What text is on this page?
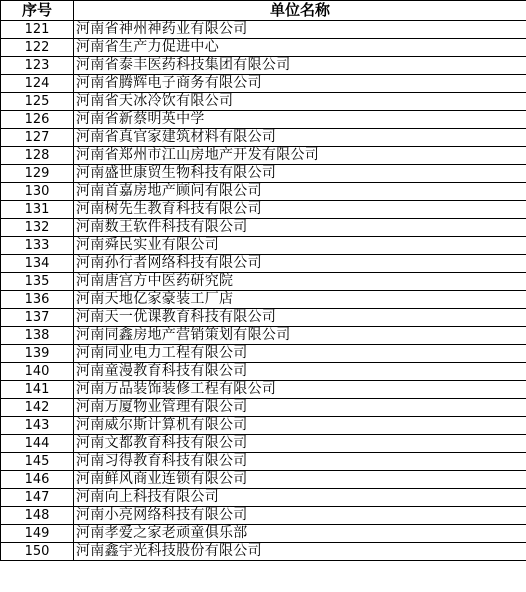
序号	单位名称
121	河南省神州神药业有限公司
122	河南省生产力促进中心
123	河南省泰丰医药科技集团有限公司
124	河南省腾辉电子商务有限公司
125	河南省天冰冷饮有限公司
126	河南省新蔡明英中学
127	河南省真官家建筑材料有限公司
128	河南省郑州市江山房地产开发有限公司
129	河南盛世康贸生物科技有限公司
130	河南首嘉房地产顾问有限公司
131	河南树先生教育科技有限公司
132	河南数王软件科技有限公司
133	河南舜民实业有限公司
134	河南孙行者网络科技有限公司
135	河南唐宫方中医药研究院
136	河南天地亿家豪装工厂店
137	河南天一优课教育科技有限公司
138	河南同鑫房地产营销策划有限公司
139	河南同业电力工程有限公司
140	河南童漫教育科技有限公司
141	河南万品装饰装修工程有限公司
142	河南万厦物业管理有限公司
143	河南威尔斯计算机有限公司
144	河南文都教育科技有限公司
145	河南习得教育科技有限公司
146	河南鲜风商业连锁有限公司
147	河南向上科技有限公司
148	河南小亮网络科技有限公司
149	河南孝爱之家老顽童俱乐部
150	河南鑫宇光科技股份有限公司
